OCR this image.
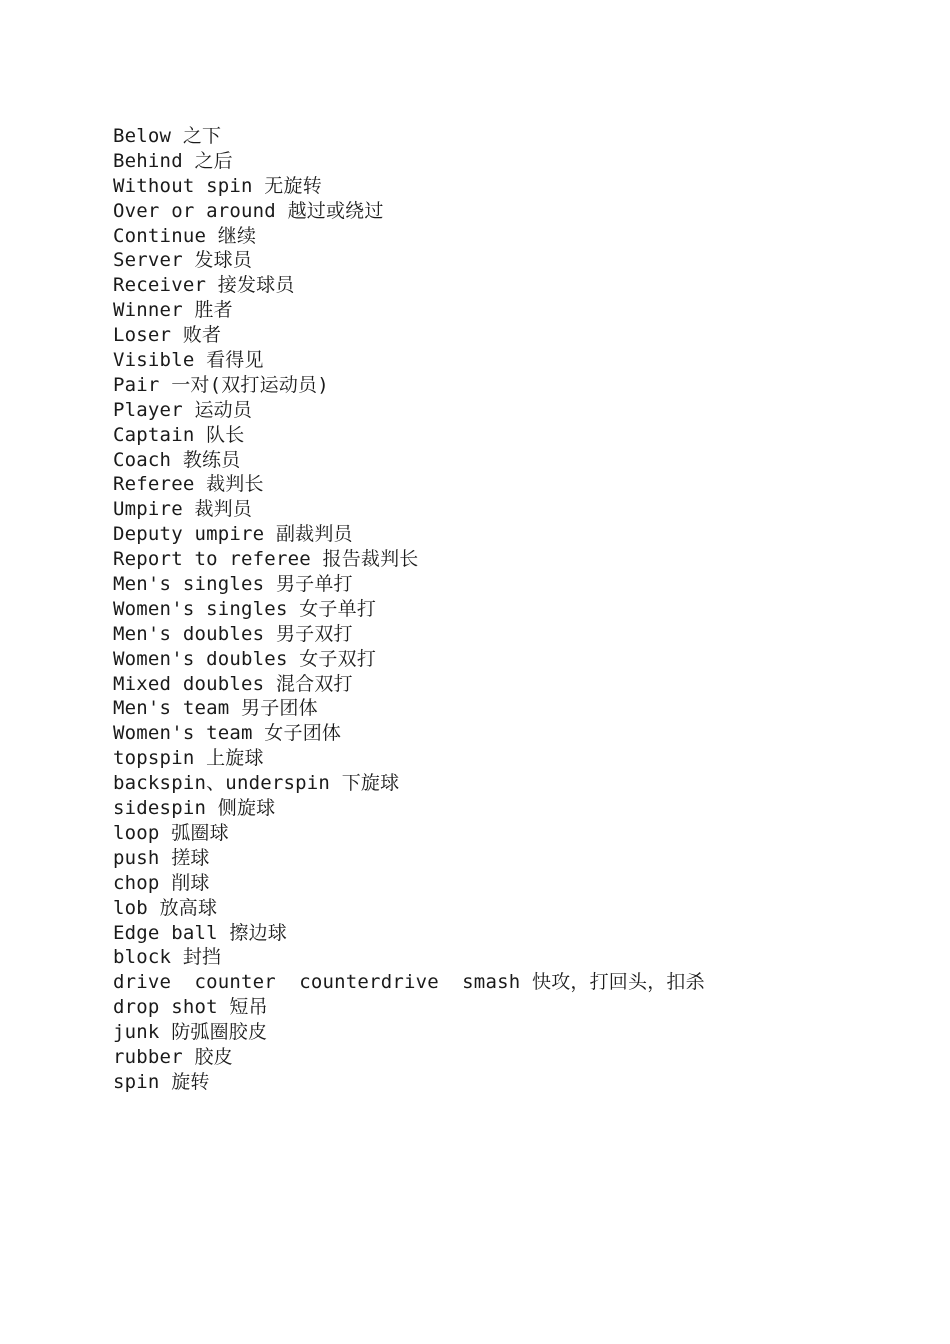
Below 之下
Behind 之后
Without spin 无旋转
Over or around 越过或绕过
Continue 继续
Server 发球员
Receiver 接发球员
Winner 胜者
Loser 败者
Visible 看得见
Pair 一对(双打运动员)
Player 运动员
Captain 队长
Coach 教练员
Referee 裁判长
Umpire 裁判员
Deputy umpire 副裁判员
Report to referee 报告裁判长
Men's singles 男子单打
Women's singles 女子单打
Men's doubles 男子双打
Women's doubles 女子双打
Mixed doubles 混合双打
Men's team 男子团体
Women's team 女子团体
topspin 上旋球
backspin、underspin 下旋球
sidespin 侧旋球
loop 弧圈球
push 搓球
chop 削球
lob 放高球
Edge ball 擦边球
block 封挡
drive  counter  counterdrive  smash 快攻，打回头，扣杀
drop shot 短吊
junk 防弧圈胶皮
rubber 胶皮
spin 旋转
